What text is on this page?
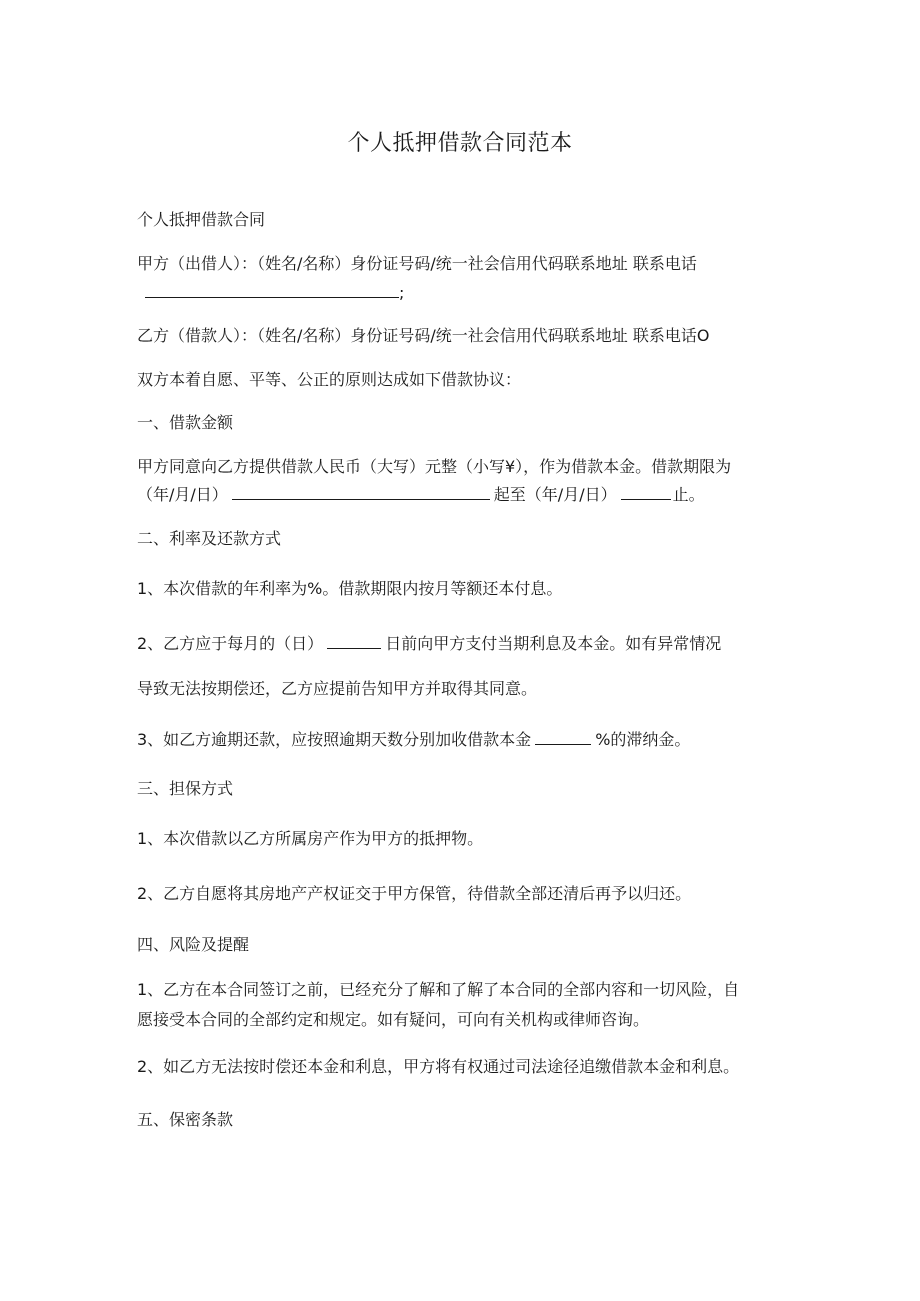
个人抵押借款合同范本
个人抵押借款合同
甲方（出借人）：（姓名/名称）身份证号码/统一社会信用代码联系地址 联系电话
;
乙方（借款人）：（姓名/名称）身份证号码/统一社会信用代码联系地址 联系电话O
双方本着自愿、平等、公正的原则达成如下借款协议：
一、借款金额
甲方同意向乙方提供借款人民币（大写）元整（小写¥），作为借款本金。借款期限为
（年/月/日）	起至（年/月/日）	止。
二、利率及还款方式
1、本次借款的年利率为%。借款期限内按月等额还本付息。
2、乙方应于每月的（日）	日前向甲方支付当期利息及本金。如有异常情况
导致无法按期偿还，乙方应提前告知甲方并取得其同意。
3、如乙方逾期还款，应按照逾期天数分别加收借款本金	%的滞纳金。
三、担保方式
1、本次借款以乙方所属房产作为甲方的抵押物。
2、乙方自愿将其房地产产权证交于甲方保管，待借款全部还清后再予以归还。
四、风险及提醒
1、乙方在本合同签订之前，已经充分了解和了解了本合同的全部内容和一切风险，自
愿接受本合同的全部约定和规定。如有疑问，可向有关机构或律师咨询。
2、如乙方无法按时偿还本金和利息，甲方将有权通过司法途径追缴借款本金和利息。
五、保密条款
